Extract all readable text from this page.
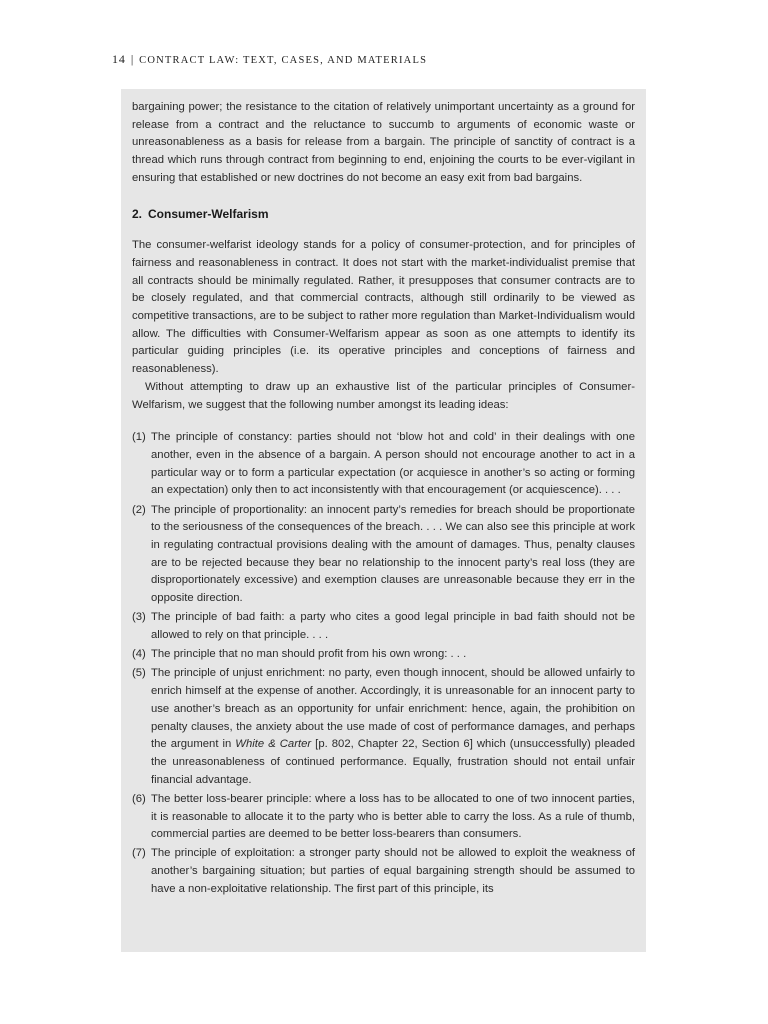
14 | CONTRACT LAW: TEXT, CASES, AND MATERIALS

bargaining power; the resistance to the citation of relatively unimportant uncertainty as a ground for release from a contract and the reluctance to succumb to arguments of economic waste or unreasonableness as a basis for release from a bargain. The principle of sanctity of contract is a thread which runs through contract from beginning to end, enjoining the courts to be ever-vigilant in ensuring that established or new doctrines do not become an easy exit from bad bargains.

2. Consumer-Welfarism

The consumer-welfarist ideology stands for a policy of consumer-protection, and for principles of fairness and reasonableness in contract. It does not start with the market-individualist premise that all contracts should be minimally regulated. Rather, it presupposes that consumer contracts are to be closely regulated, and that commercial contracts, although still ordinarily to be viewed as competitive transactions, are to be subject to rather more regulation than Market-Individualism would allow. The difficulties with Consumer-Welfarism appear as soon as one attempts to identify its particular guiding principles (i.e. its operative principles and conceptions of fairness and reasonableness).

Without attempting to draw up an exhaustive list of the particular principles of Consumer-Welfarism, we suggest that the following number amongst its leading ideas:

(1) The principle of constancy: parties should not ‘blow hot and cold’ in their dealings with one another, even in the absence of a bargain. A person should not encourage another to act in a particular way or to form a particular expectation (or acquiesce in another’s so acting or forming an expectation) only then to act inconsistently with that encouragement (or acquiescence). . . .
(2) The principle of proportionality: an innocent party’s remedies for breach should be proportionate to the seriousness of the consequences of the breach. . . . We can also see this principle at work in regulating contractual provisions dealing with the amount of damages. Thus, penalty clauses are to be rejected because they bear no relationship to the innocent party’s real loss (they are disproportionately excessive) and exemption clauses are unreasonable because they err in the opposite direction.
(3) The principle of bad faith: a party who cites a good legal principle in bad faith should not be allowed to rely on that principle. . . .
(4) The principle that no man should profit from his own wrong: . . .
(5) The principle of unjust enrichment: no party, even though innocent, should be allowed unfairly to enrich himself at the expense of another. Accordingly, it is unreasonable for an innocent party to use another’s breach as an opportunity for unfair enrichment: hence, again, the prohibition on penalty clauses, the anxiety about the use made of cost of performance damages, and perhaps the argument in White & Carter [p. 802, Chapter 22, Section 6] which (unsuccessfully) pleaded the unreasonableness of continued performance. Equally, frustration should not entail unfair financial advantage.
(6) The better loss-bearer principle: where a loss has to be allocated to one of two innocent parties, it is reasonable to allocate it to the party who is better able to carry the loss. As a rule of thumb, commercial parties are deemed to be better loss-bearers than consumers.
(7) The principle of exploitation: a stronger party should not be allowed to exploit the weakness of another’s bargaining situation; but parties of equal bargaining strength should be assumed to have a non-exploitative relationship. The first part of this principle, its
